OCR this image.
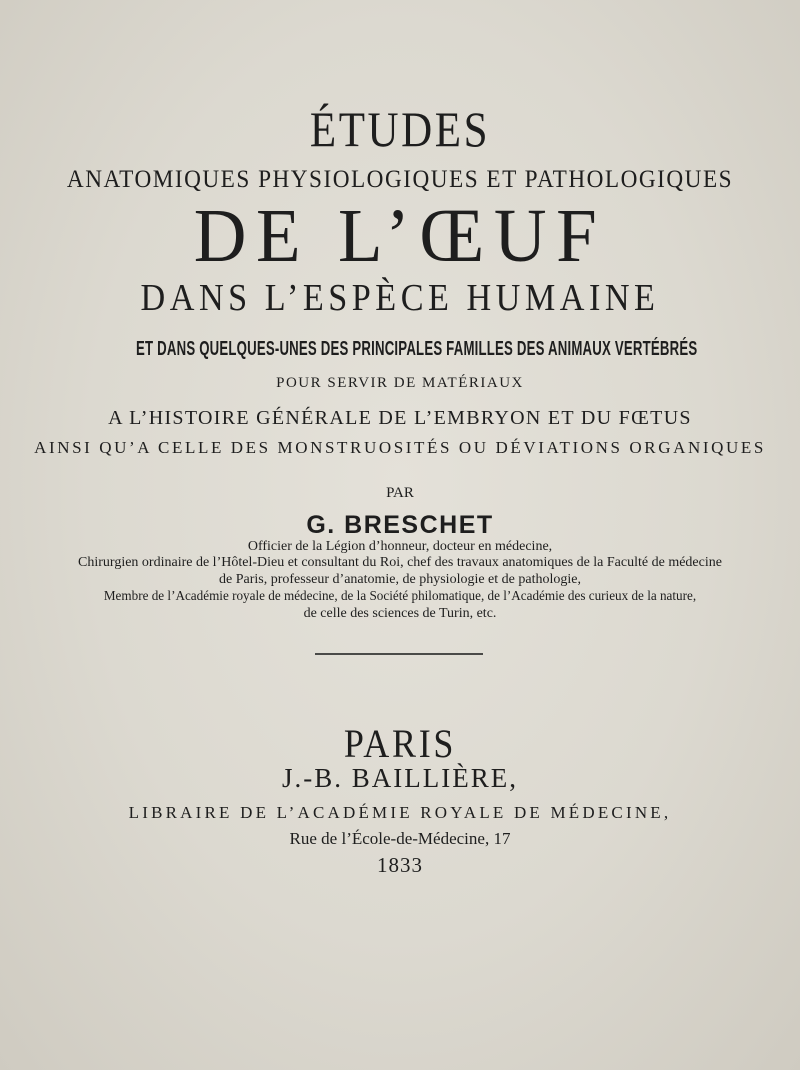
ÉTUDES
ANATOMIQUES PHYSIOLOGIQUES ET PATHOLOGIQUES
DE L’ŒUF
DANS L’ESPÈCE HUMAINE
ET DANS QUELQUES-UNES DES PRINCIPALES FAMILLES DES ANIMAUX VERTÉBRÉS
POUR SERVIR DE MATÉRIAUX
A L’HISTOIRE GÉNÉRALE DE L’EMBRYON ET DU FŒTUS
AINSI QU’A CELLE DES MONSTRUOSITÉS OU DÉVIATIONS ORGANIQUES
PAR
G. BRESCHET
Officier de la Légion d’honneur, docteur en médecine,
Chirurgien ordinaire de l’Hôtel-Dieu et consultant du Roi, chef des travaux anatomiques de la Faculté de médecine
de Paris, professeur d’anatomie, de physiologie et de pathologie,
Membre de l’Académie royale de médecine, de la Société philomatique, de l’Académie des curieux de la nature,
de celle des sciences de Turin, etc.
PARIS
J.-B. BAILLIÈRE,
LIBRAIRE DE L’ACADÉMIE ROYALE DE MÉDECINE,
Rue de l’École-de-Médecine, 17
1833
